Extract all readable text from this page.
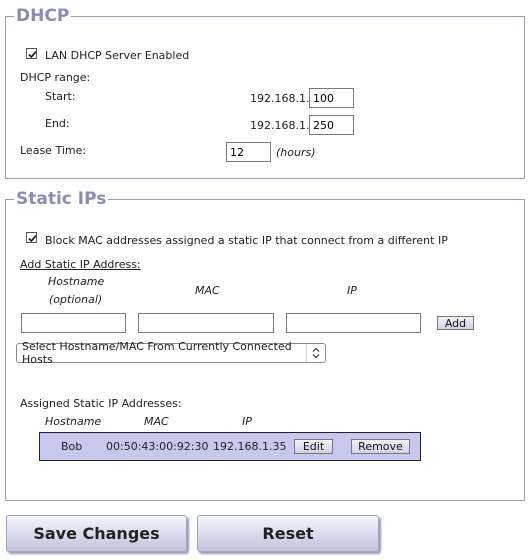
DHCP
LAN DHCP Server Enabled
DHCP range:
Start:	192.168.1.
100
End:	192.168.1.
250
Lease Time:
12	(hours)
Static IPs
Block MAC addresses assigned a static IP that connect from a different IP
Add Static IP Address:
Hostname
(optional)
MAC	IP
Add
Select Hostname/MAC From Currently Connected Hosts
Assigned Static IP Addresses:
Hostname	MAC	IP
Bob 00:50:43:00:92:30 192.168.1.35	Edit	Remove
Save Changes	Reset
